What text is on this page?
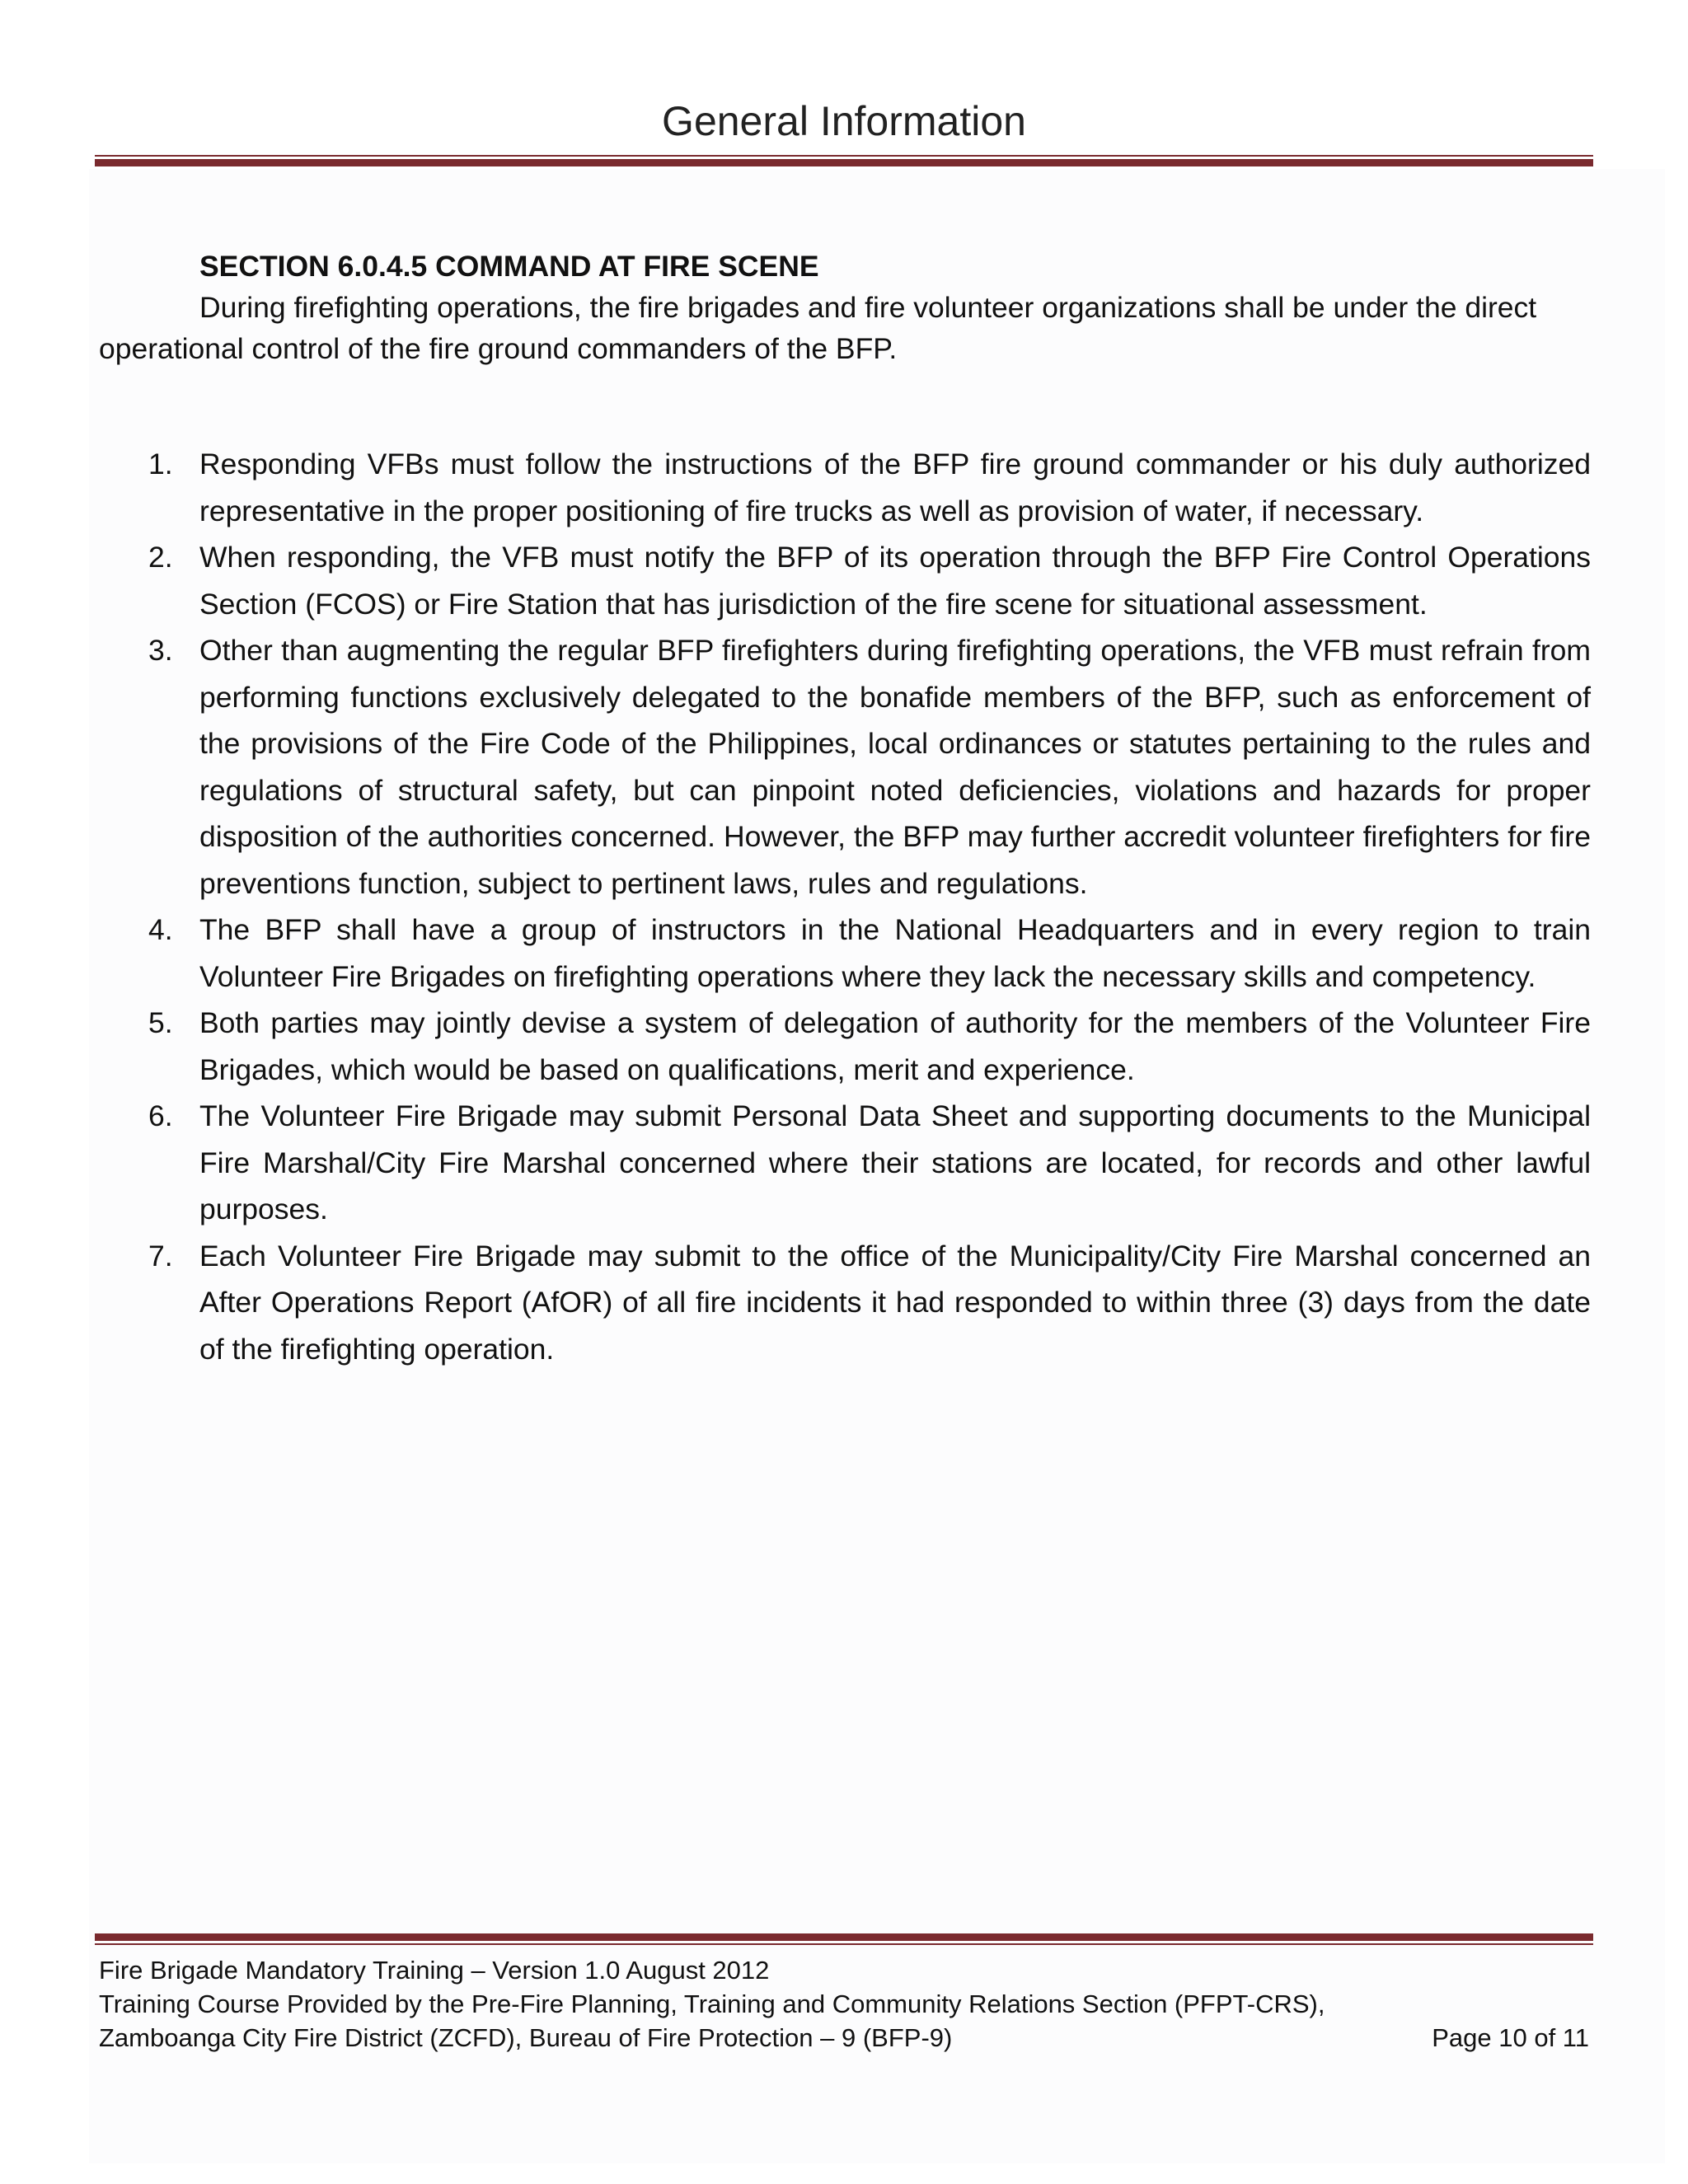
General Information

SECTION 6.0.4.5 COMMAND AT FIRE SCENE

During firefighting operations, the fire brigades and fire volunteer organizations shall be under the direct operational control of the fire ground commanders of the BFP.

1. Responding VFBs must follow the instructions of the BFP fire ground commander or his duly authorized representative in the proper positioning of fire trucks as well as provision of water, if necessary.
2. When responding, the VFB must notify the BFP of its operation through the BFP Fire Control Operations Section (FCOS) or Fire Station that has jurisdiction of the fire scene for situational assessment.
3. Other than augmenting the regular BFP firefighters during firefighting operations, the VFB must refrain from performing functions exclusively delegated to the bonafide members of the BFP, such as enforcement of the provisions of the Fire Code of the Philippines, local ordinances or statutes pertaining to the rules and regulations of structural safety, but can pinpoint noted deficiencies, violations and hazards for proper disposition of the authorities concerned. However, the BFP may further accredit volunteer firefighters for fire preventions function, subject to pertinent laws, rules and regulations.
4. The BFP shall have a group of instructors in the National Headquarters and in every region to train Volunteer Fire Brigades on firefighting operations where they lack the necessary skills and competency.
5. Both parties may jointly devise a system of delegation of authority for the members of the Volunteer Fire Brigades, which would be based on qualifications, merit and experience.
6. The Volunteer Fire Brigade may submit Personal Data Sheet and supporting documents to the Municipal Fire Marshal/City Fire Marshal concerned where their stations are located, for records and other lawful purposes.
7. Each Volunteer Fire Brigade may submit to the office of the Municipality/City Fire Marshal concerned an After Operations Report (AfOR) of all fire incidents it had responded to within three (3) days from the date of the firefighting operation.

Fire Brigade Mandatory Training – Version 1.0 August 2012

Training Course Provided by the Pre-Fire Planning, Training and Community Relations Section (PFPT-CRS),

Zamboanga City Fire District (ZCFD), Bureau of Fire Protection – 9 (BFP-9)	Page 10 of 11
